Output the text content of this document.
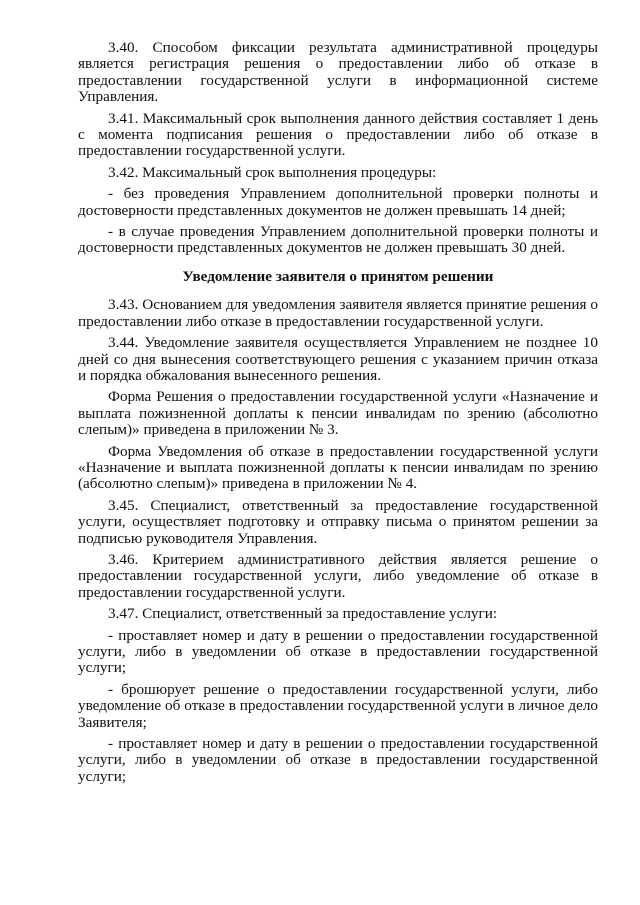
3.40. Способом фиксации результата административной процедуры является регистрация решения о предоставлении либо об отказе в предоставлении государственной услуги в информационной системе Управления.

3.41. Максимальный срок выполнения данного действия составляет 1 день с момента подписания решения о предоставлении либо об отказе в предоставлении государственной услуги.

3.42. Максимальный срок выполнения процедуры:

- без проведения Управлением дополнительной проверки полноты и достоверности представленных документов не должен превышать 14 дней;

- в случае проведения Управлением дополнительной проверки полноты и достоверности представленных документов не должен превышать 30 дней.

Уведомление заявителя о принятом решении

3.43. Основанием для уведомления заявителя является принятие решения о предоставлении либо отказе в предоставлении государственной услуги.

3.44. Уведомление заявителя осуществляется Управлением не позднее 10 дней со дня вынесения соответствующего решения с указанием причин отказа и порядка обжалования вынесенного решения.

Форма Решения о предоставлении государственной услуги «Назначение и выплата пожизненной доплаты к пенсии инвалидам по зрению (абсолютно слепым)» приведена в приложении № 3.

Форма Уведомления об отказе в предоставлении государственной услуги «Назначение и выплата пожизненной доплаты к пенсии инвалидам по зрению (абсолютно слепым)» приведена в приложении № 4.

3.45. Специалист, ответственный за предоставление государственной услуги, осуществляет подготовку и отправку письма о принятом решении за подписью руководителя Управления.

3.46. Критерием административного действия является решение о предоставлении государственной услуги, либо уведомление об отказе в предоставлении государственной услуги.

3.47. Специалист, ответственный за предоставление услуги:

- проставляет номер и дату в решении о предоставлении государственной услуги, либо в уведомлении об отказе в предоставлении государственной услуги;

- брошюрует решение о предоставлении государственной услуги, либо уведомление об отказе в предоставлении государственной услуги в личное дело Заявителя;

- проставляет номер и дату в решении о предоставлении государственной услуги, либо в уведомлении об отказе в предоставлении государственной услуги;
